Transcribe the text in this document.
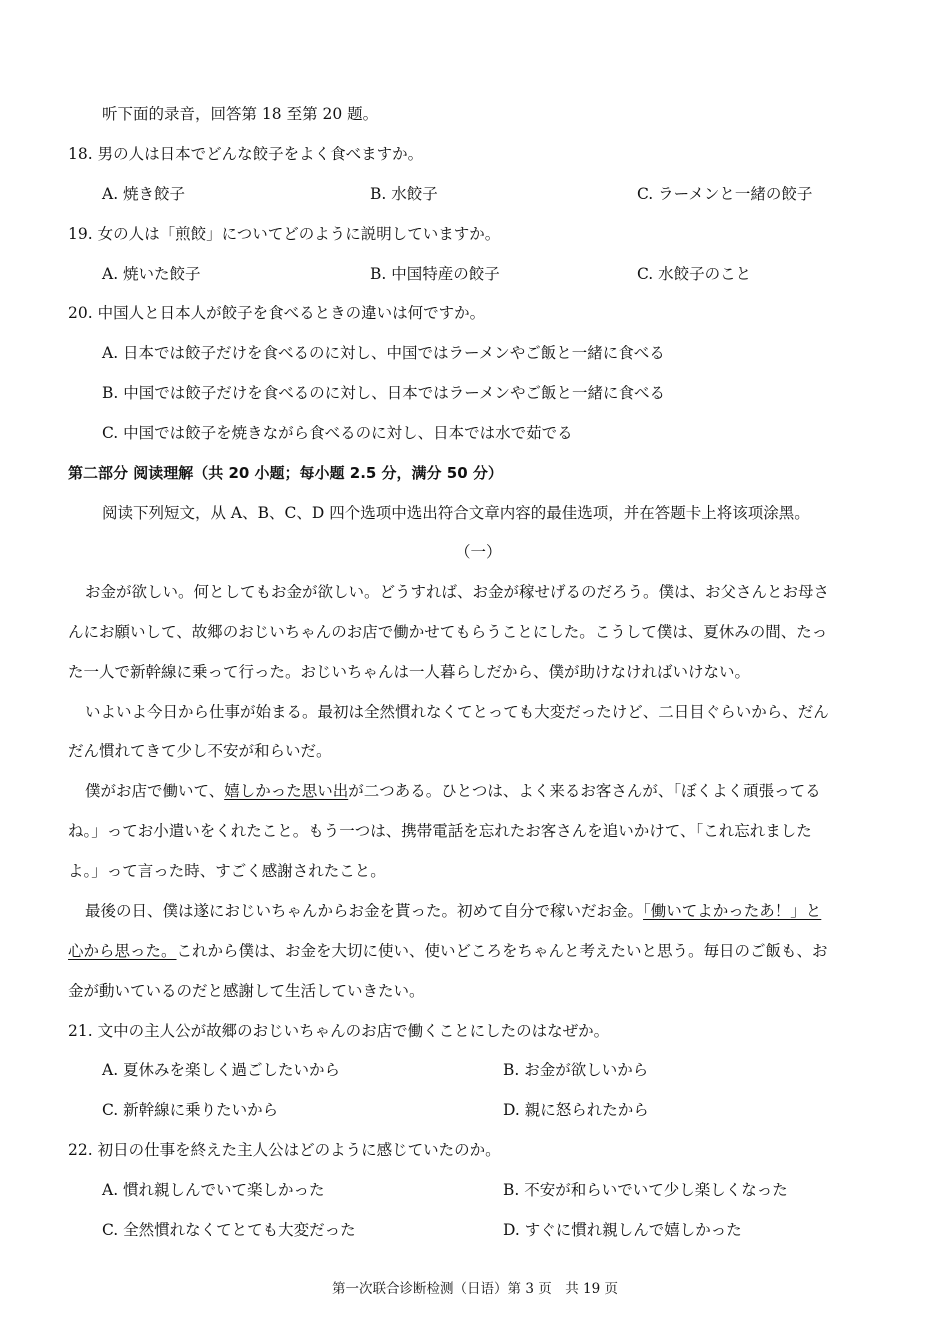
听下面的录音，回答第 18 至第 20 题。
18. 男の人は日本でどんな餃子をよく食べますか。
A. 焼き餃子	B. 水餃子	C. ラーメンと一緒の餃子
19. 女の人は「煎餃」についてどのように説明していますか。
A. 焼いた餃子	B. 中国特産の餃子	C. 水餃子のこと
20. 中国人と日本人が餃子を食べるときの違いは何ですか。
A. 日本では餃子だけを食べるのに対し、中国ではラーメンやご飯と一緒に食べる
B. 中国では餃子だけを食べるのに対し、日本ではラーメンやご飯と一緒に食べる
C. 中国では餃子を焼きながら食べるのに対し、日本では水で茹でる
第二部分 阅读理解（共 20 小题；每小题 2.5 分，满分 50 分）
阅读下列短文，从 A、B、C、D 四个选项中选出符合文章内容的最佳选项，并在答题卡上将该项涂黑。
（一）
お金が欲しい。何としてもお金が欲しい。どうすれば、お金が稼せげるのだろう。僕は、お父さんとお母さ
んにお願いして、故郷のおじいちゃんのお店で働かせてもらうことにした。こうして僕は、夏休みの間、たっ
た一人で新幹線に乗って行った。おじいちゃんは一人暮らしだから、僕が助けなければいけない。
いよいよ今日から仕事が始まる。最初は全然慣れなくてとっても大変だったけど、二日目ぐらいから、だん
だん慣れてきて少し不安が和らいだ。
僕がお店で働いて、嬉しかった思い出が二つある。ひとつは、よく来るお客さんが、「ぼくよく頑張ってる
ね。」ってお小遣いをくれたこと。もう一つは、携帯電話を忘れたお客さんを追いかけて、「これ忘れました
よ。」って言った時、すごく感謝されたこと。
最後の日、僕は遂におじいちゃんからお金を貰った。初めて自分で稼いだお金。「働いてよかったあ！」と
心から思った。これから僕は、お金を大切に使い、使いどころをちゃんと考えたいと思う。毎日のご飯も、お
金が動いているのだと感謝して生活していきたい。
21. 文中の主人公が故郷のおじいちゃんのお店で働くことにしたのはなぜか。
A. 夏休みを楽しく過ごしたいから	B. お金が欲しいから
C. 新幹線に乗りたいから	D. 親に怒られたから
22. 初日の仕事を終えた主人公はどのように感じていたのか。
A. 慣れ親しんでいて楽しかった	B. 不安が和らいでいて少し楽しくなった
C. 全然慣れなくてとても大変だった	D. すぐに慣れ親しんで嬉しかった
第一次联合诊断检测（日语）第 3 页　共 19 页
